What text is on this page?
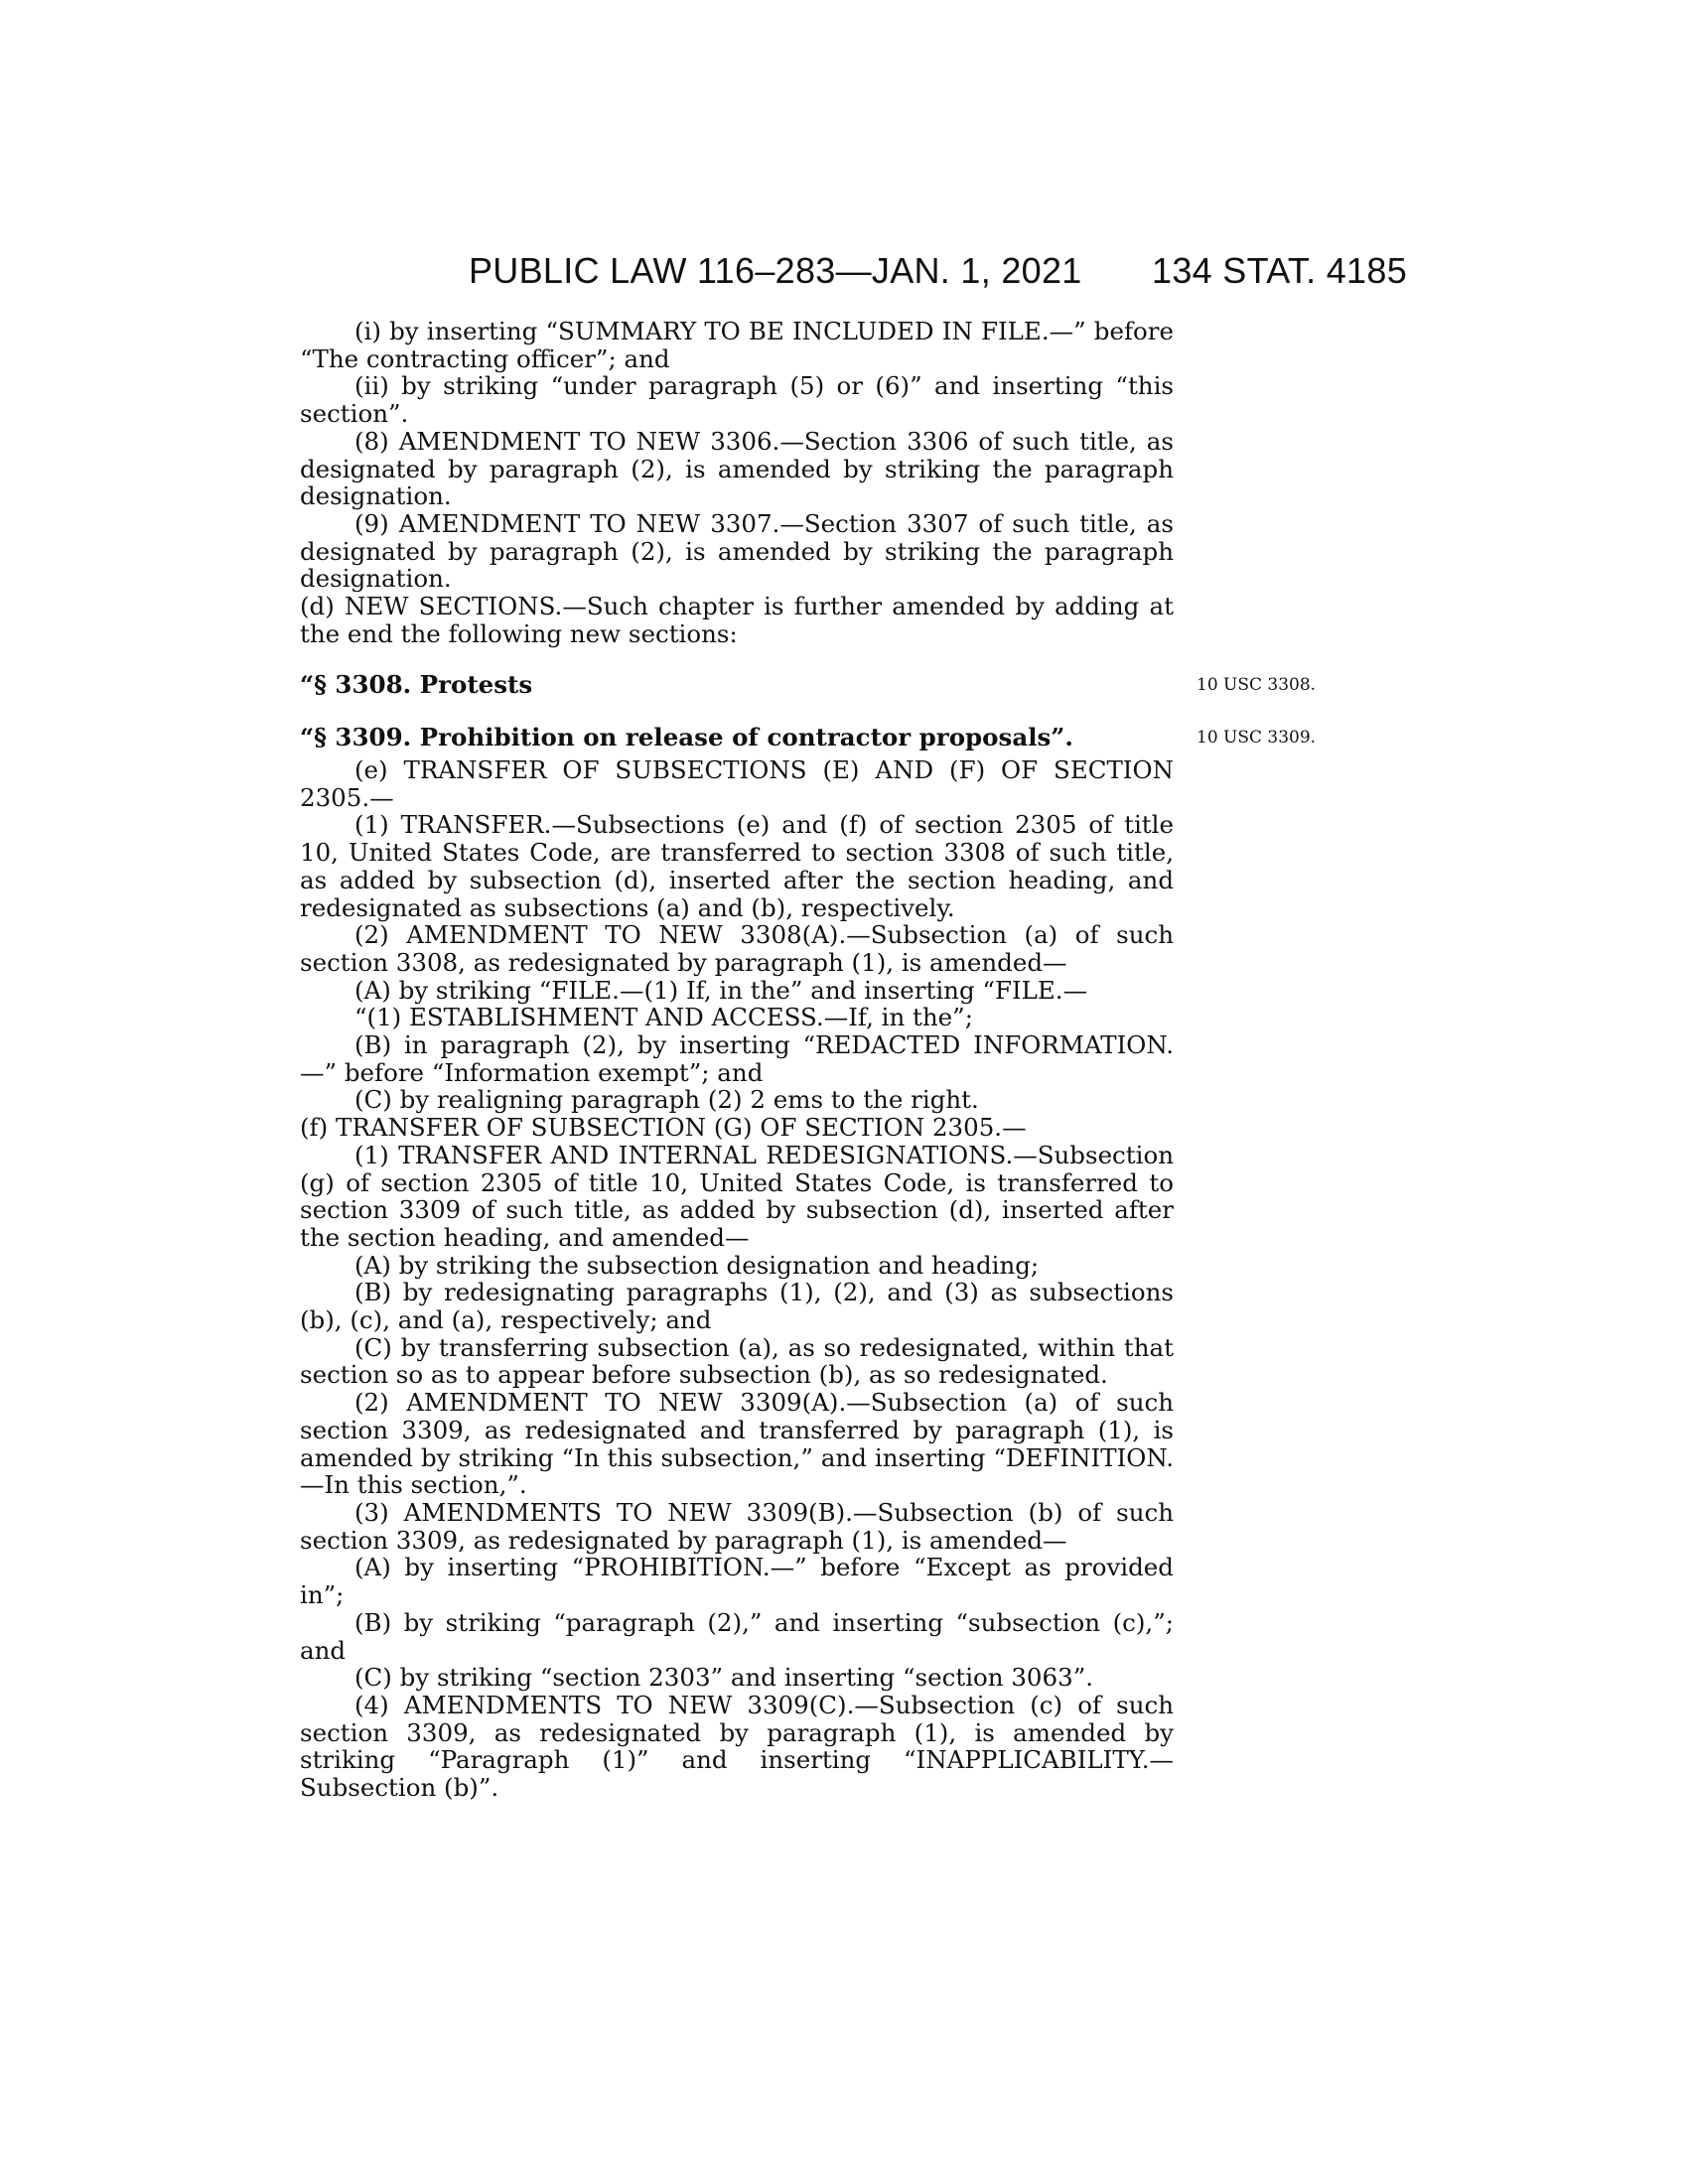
PUBLIC LAW 116–283—JAN. 1, 2021 134 STAT. 4185
(i) by inserting “SUMMARY TO BE INCLUDED IN FILE.—” before “The contracting officer”; and
(ii) by striking “under paragraph (5) or (6)” and inserting “this section”.
(8) AMENDMENT TO NEW 3306.—Section 3306 of such title, as designated by paragraph (2), is amended by striking the paragraph designation.
(9) AMENDMENT TO NEW 3307.—Section 3307 of such title, as designated by paragraph (2), is amended by striking the paragraph designation.
(d) NEW SECTIONS.—Such chapter is further amended by adding at the end the following new sections:
“§ 3308. Protests	10 USC 3308.
“§ 3309. Prohibition on release of contractor proposals”.	10 USC 3309.
(e) TRANSFER OF SUBSECTIONS (E) AND (F) OF SECTION 2305.—
(1) TRANSFER.—Subsections (e) and (f) of section 2305 of title 10, United States Code, are transferred to section 3308 of such title, as added by subsection (d), inserted after the section heading, and redesignated as subsections (a) and (b), respectively.
(2) AMENDMENT TO NEW 3308(A).—Subsection (a) of such section 3308, as redesignated by paragraph (1), is amended—
(A) by striking “FILE.—(1) If, in the” and inserting “FILE.—
“(1) ESTABLISHMENT AND ACCESS.—If, in the”;
(B) in paragraph (2), by inserting “REDACTED INFORMATION.—” before “Information exempt”; and
(C) by realigning paragraph (2) 2 ems to the right.
(f) TRANSFER OF SUBSECTION (G) OF SECTION 2305.—
(1) TRANSFER AND INTERNAL REDESIGNATIONS.—Subsection (g) of section 2305 of title 10, United States Code, is transferred to section 3309 of such title, as added by subsection (d), inserted after the section heading, and amended—
(A) by striking the subsection designation and heading;
(B) by redesignating paragraphs (1), (2), and (3) as subsections (b), (c), and (a), respectively; and
(C) by transferring subsection (a), as so redesignated, within that section so as to appear before subsection (b), as so redesignated.
(2) AMENDMENT TO NEW 3309(A).—Subsection (a) of such section 3309, as redesignated and transferred by paragraph (1), is amended by striking “In this subsection,” and inserting “DEFINITION.—In this section,”.
(3) AMENDMENTS TO NEW 3309(B).—Subsection (b) of such section 3309, as redesignated by paragraph (1), is amended—
(A) by inserting “PROHIBITION.—” before “Except as provided in”;
(B) by striking “paragraph (2),” and inserting “subsection (c),”; and
(C) by striking “section 2303” and inserting “section 3063”.
(4) AMENDMENTS TO NEW 3309(C).—Subsection (c) of such section 3309, as redesignated by paragraph (1), is amended by striking “Paragraph (1)” and inserting “INAPPLICABILITY.—Subsection (b)”.
